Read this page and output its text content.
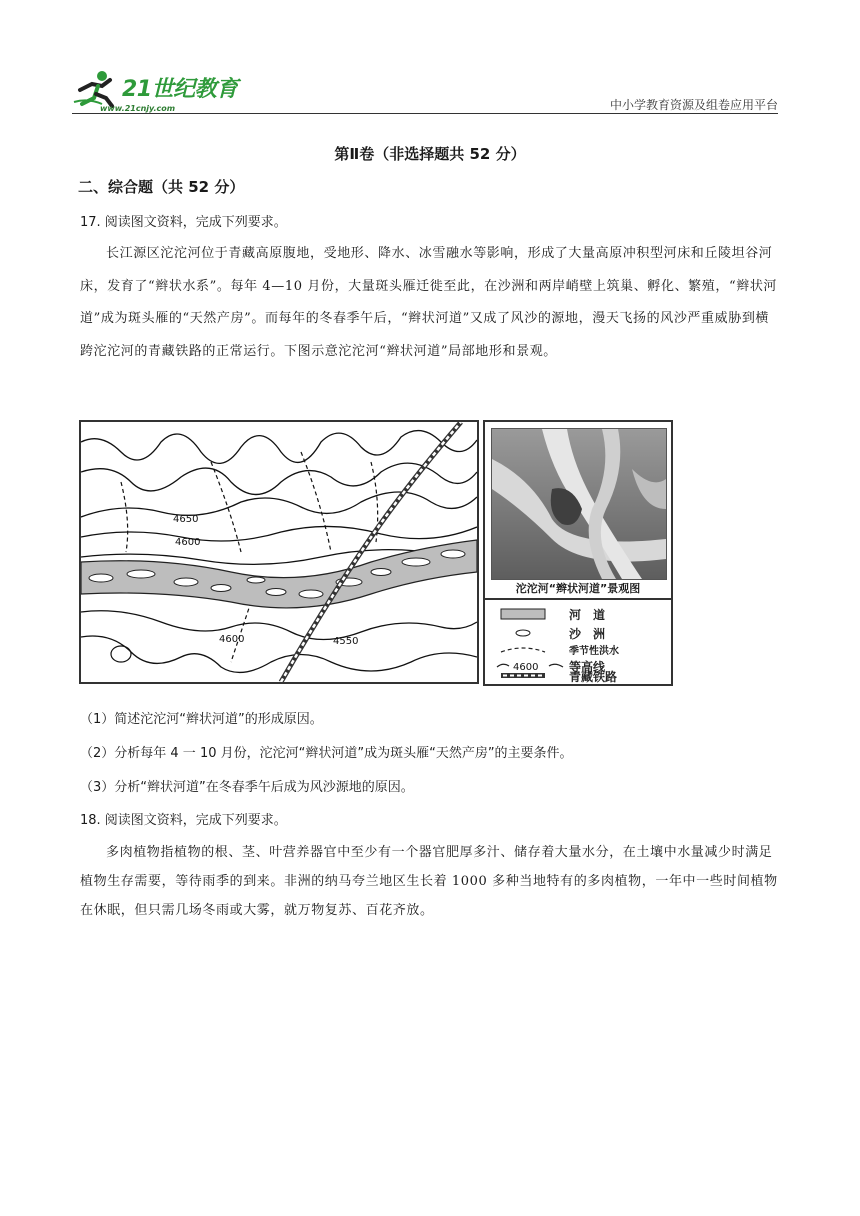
21世纪教育
www.21cnjy.com	中小学教育资源及组卷应用平台
第Ⅱ卷（非选择题共 52 分）
二、综合题（共 52 分）
17. 阅读图文资料，完成下列要求。
长江源区沱沱河位于青藏高原腹地，受地形、降水、冰雪融水等影响，形成了大量高原冲积型河床和丘陵坦谷河床，发育了“辫状水系”。每年 4—10 月份，大量斑头雁迁徙至此，在沙洲和两岸峭壁上筑巢、孵化、繁殖，“辫状河道”成为斑头雁的“天然产房”。而每年的冬春季午后，“辫状河道”又成了风沙的源地，漫天飞扬的风沙严重威胁到横跨沱沱河的青藏铁路的正常运行。下图示意沱沱河“辫状河道”局部地形和景观。
4650
4600
4600	4550
沱沱河“辫状河道”景观图
河　道
沙　洲
季节性洪水
4600	等高线
青藏铁路
（1）简述沱沱河“辫状河道”的形成原因。
（2）分析每年 4 一 10 月份，沱沱河“辫状河道”成为斑头雁“天然产房”的主要条件。
（3）分析“辫状河道”在冬春季午后成为风沙源地的原因。
18. 阅读图文资料，完成下列要求。
多肉植物指植物的根、茎、叶营养器官中至少有一个器官肥厚多汁、储存着大量水分，在土壤中水量减少时满足植物生存需要，等待雨季的到来。非洲的纳马夸兰地区生长着 1000 多种当地特有的多肉植物，一年中一些时间植物在休眠，但只需几场冬雨或大雾，就万物复苏、百花齐放。
